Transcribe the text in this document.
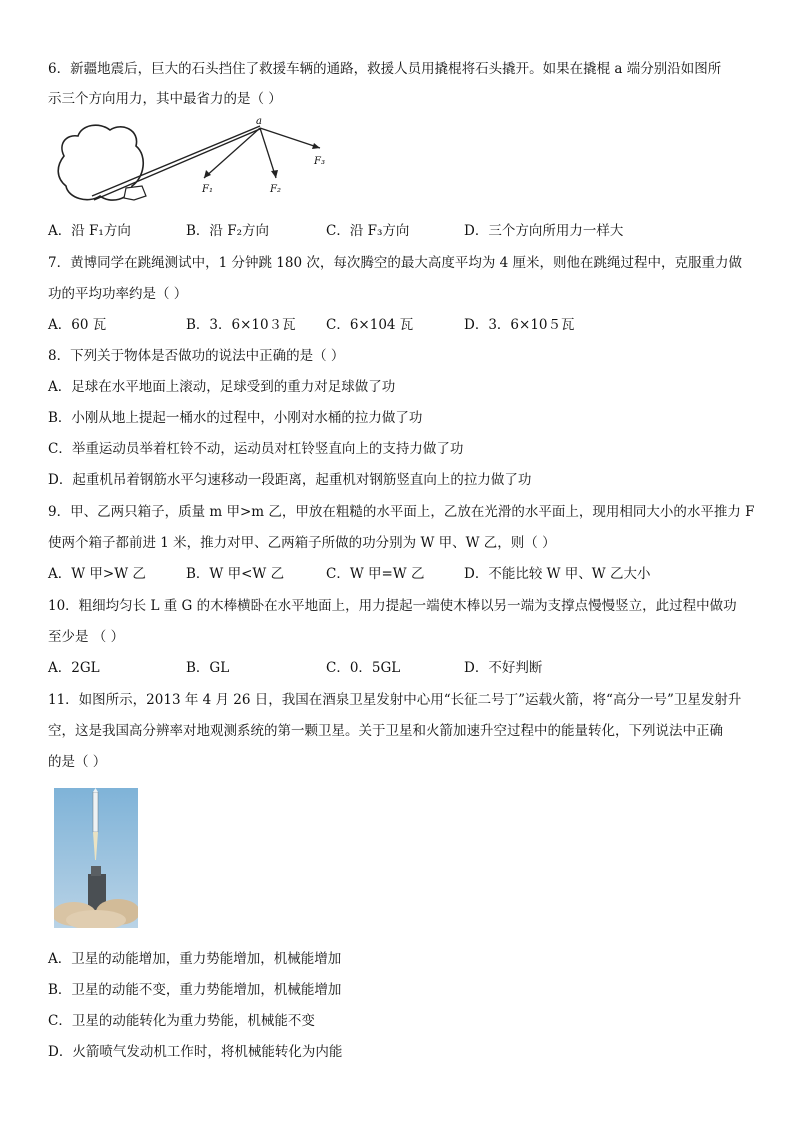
6．新疆地震后，巨大的石头挡住了救援车辆的通路，救援人员用撬棍将石头撬开。如果在撬棍 a 端分别沿如图所
示三个方向用力，其中最省力的是（ ）
a
F₁	F₂
F₃
A．沿 F₁方向	B．沿 F₂方向	C．沿 F₃方向	D．三个方向所用力一样大
7．黄博同学在跳绳测试中，1 分钟跳 180 次，每次腾空的最大高度平均为 4 厘米，则他在跳绳过程中，克服重力做
功的平均功率约是（ ）
A．60 瓦	B．3．6×10３瓦 C．6×104 瓦	D．3．6×10５瓦
8．下列关于物体是否做功的说法中正确的是（ ）
A．足球在水平地面上滚动，足球受到的重力对足球做了功
B．小刚从地上提起一桶水的过程中，小刚对水桶的拉力做了功
C．举重运动员举着杠铃不动，运动员对杠铃竖直向上的支持力做了功
D．起重机吊着钢筋水平匀速移动一段距离，起重机对钢筋竖直向上的拉力做了功
9．甲、乙两只箱子，质量 m 甲>m 乙，甲放在粗糙的水平面上，乙放在光滑的水平面上，现用相同大小的水平推力 F
使两个箱子都前进 1 米，推力对甲、乙两箱子所做的功分别为 W 甲、W 乙，则（ ）
A．W 甲>W 乙	B．W 甲<W 乙	C．W 甲=W 乙	D．不能比较 W 甲、W 乙大小
10．粗细均匀长 L 重 G 的木棒横卧在水平地面上，用力提起一端使木棒以另一端为支撑点慢慢竖立，此过程中做功
至少是 （ ）
A．2GL	B．GL	C．0．5GL	D．不好判断
11．如图所示，2013 年 4 月 26 日，我国在酒泉卫星发射中心用“长征二号丁”运载火箭，将“高分一号”卫星发射升
空，这是我国高分辨率对地观测系统的第一颗卫星。关于卫星和火箭加速升空过程中的能量转化，下列说法中正确
的是（ ）
A．卫星的动能增加，重力势能增加，机械能增加
B．卫星的动能不变，重力势能增加，机械能增加
C．卫星的动能转化为重力势能，机械能不变
D．火箭喷气发动机工作时，将机械能转化为内能
